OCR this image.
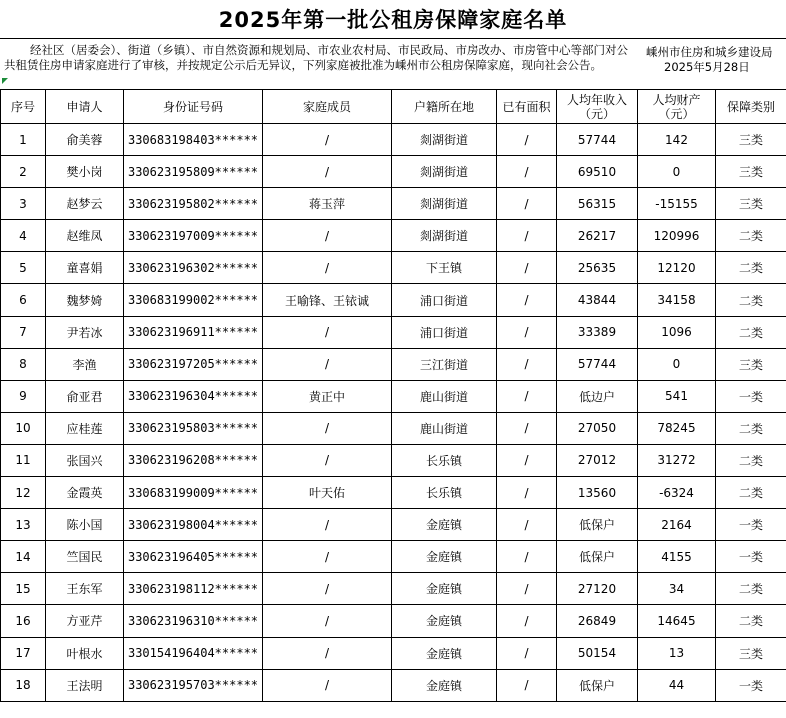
2025年第一批公租房保障家庭名单
经社区（居委会）、街道（乡镇）、市自然资源和规划局、市农业农村局、市民政局、市房改办、市房管中心等部门对公共租赁住房申请家庭进行了审核，并按规定公示后无异议，下列家庭被批准为嵊州市公租房保障家庭，现向社会公告。
嵊州市住房和城乡建设局2025年5月28日
序号	申请人	身份证号码	家庭成员	户籍所在地	已有面积	人均年收入（元）	人均财产（元）	保障类别
1	俞美蓉	330683198403******	/	剡湖街道	/	57744	142	三类
2	樊小岗	330623195809******	/	剡湖街道	/	69510	0	三类
3	赵梦云	330623195802******	蒋玉萍	剡湖街道	/	56315	-15155	三类
4	赵维凤	330623197009******	/	剡湖街道	/	26217	120996	二类
5	童喜娟	330623196302******	/	下王镇	/	25635	12120	二类
6	魏梦婍	330683199002******	王喻锋、王铱诚	浦口街道	/	43844	34158	二类
7	尹若冰	330623196911******	/	浦口街道	/	33389	1096	二类
8	李渔	330623197205******	/	三江街道	/	57744	0	三类
9	俞亚君	330623196304******	黄正中	鹿山街道	/	低边户	541	一类
10	应桂莲	330623195803******	/	鹿山街道	/	27050	78245	二类
11	张国兴	330623196208******	/	长乐镇	/	27012	31272	二类
12	金霞英	330683199009******	叶天佑	长乐镇	/	13560	-6324	二类
13	陈小国	330623198004******	/	金庭镇	/	低保户	2164	一类
14	竺国民	330623196405******	/	金庭镇	/	低保户	4155	一类
15	王东军	330623198112******	/	金庭镇	/	27120	34	二类
16	方亚芹	330623196310******	/	金庭镇	/	26849	14645	二类
17	叶根水	330154196404******	/	金庭镇	/	50154	13	三类
18	王法明	330623195703******	/	金庭镇	/	低保户	44	一类
